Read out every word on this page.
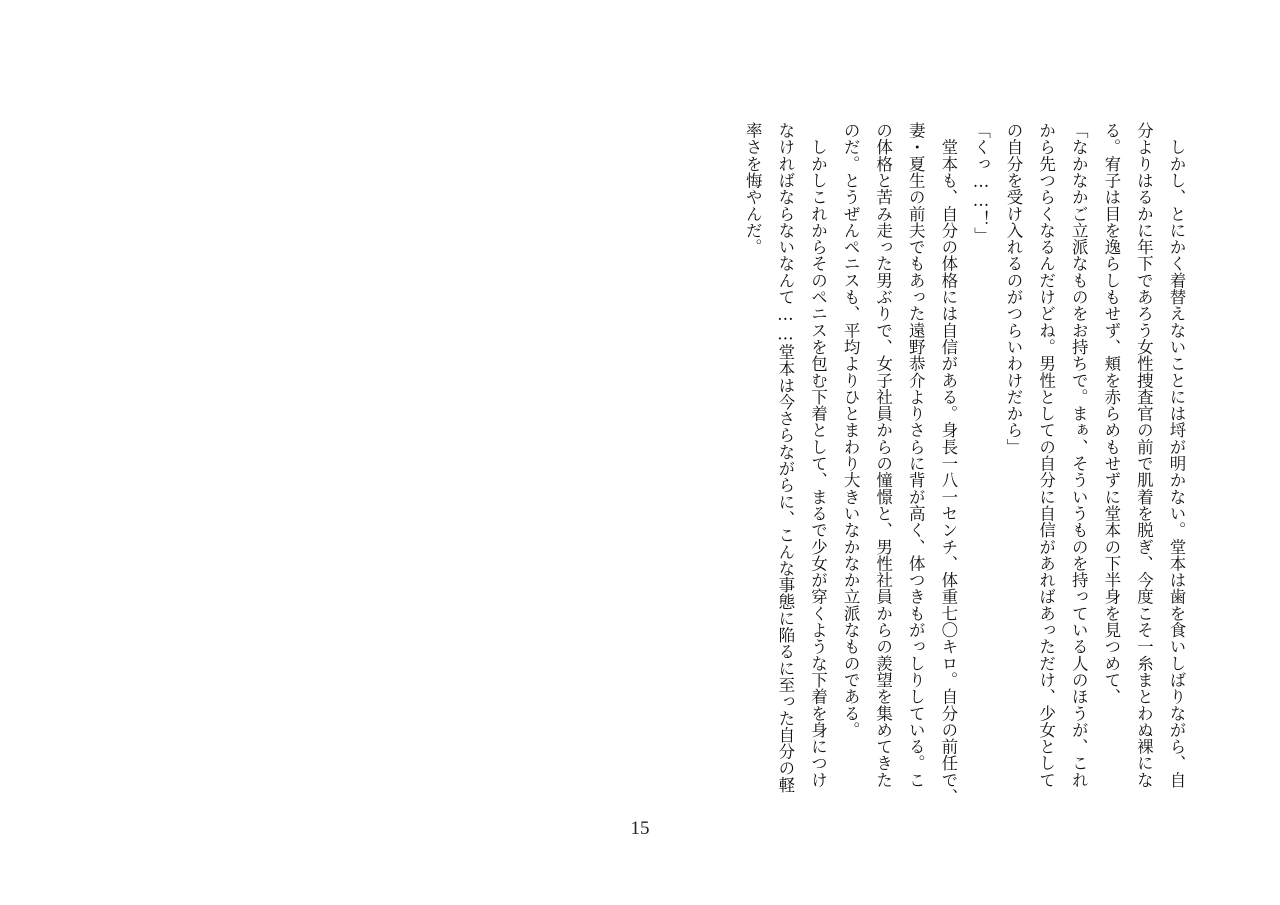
　しかし、とにかく着替えないことには埒が明かない。堂本は歯を食いしばりながら、自
分よりはるかに年下であろう女性捜査官の前で肌着を脱ぎ、今度こそ一糸まとわぬ裸にな
る。宥子は目を逸らしもせず、頬を赤らめもせずに堂本の下半身を見つめて、
「なかなかご立派なものをお持ちで。まぁ、そういうものを持っている人のほうが、これ
から先つらくなるんだけどね。男性としての自分に自信があればあっただけ、少女として
の自分を受け入れるのがつらいわけだから」
「くっ……！」
　堂本も、自分の体格には自信がある。身長一八一センチ、体重七〇キロ。自分の前任で、
妻・夏生の前夫でもあった遠野恭介よりさらに背が高く、体つきもがっしりしている。こ
の体格と苦み走った男ぶりで、女子社員からの憧憬と、男性社員からの羨望を集めてきた
のだ。とうぜんペニスも、平均よりひとまわり大きいなかなか立派なものである。
　しかしこれからそのペニスを包む下着として、まるで少女が穿くような下着を身につけ
なければならないなんて……堂本は今さらながらに、こんな事態に陥るに至った自分の軽
率さを悔やんだ。
15
